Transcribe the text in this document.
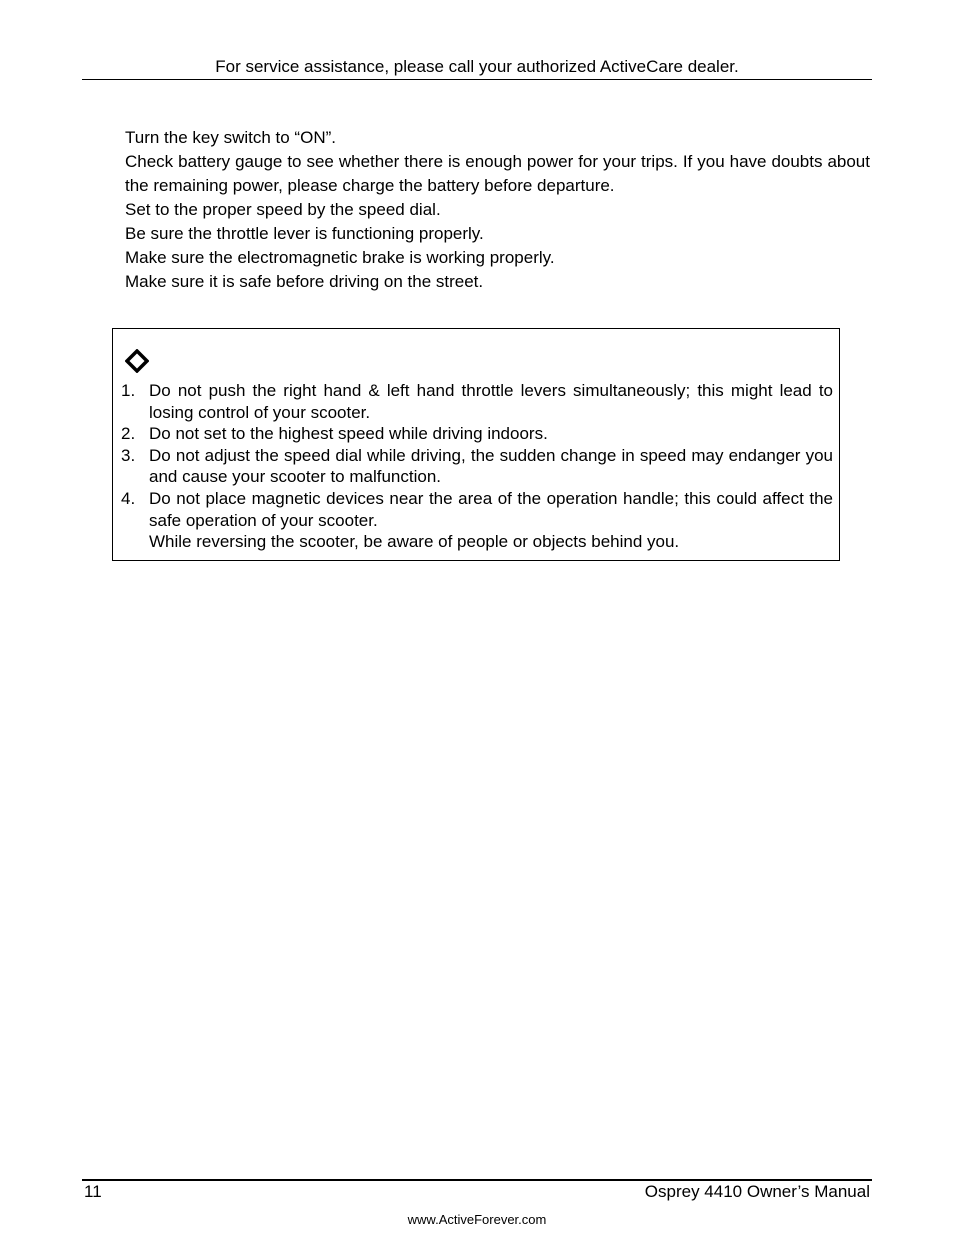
For service assistance, please call your authorized ActiveCare dealer.
Turn the key switch to “ON”.
Check battery gauge to see whether there is enough power for your trips. If you have doubts about the remaining power, please charge the battery before departure.
Set to the proper speed by the speed dial.
Be sure the throttle lever is functioning properly.
Make sure the electromagnetic brake is working properly.
Make sure it is safe before driving on the street.
1. Do not push the right hand & left hand throttle levers simultaneously; this might lead to losing control of your scooter.
2. Do not set to the highest speed while driving indoors.
3. Do not adjust the speed dial while driving, the sudden change in speed may endanger you and cause your scooter to malfunction.
4. Do not place magnetic devices near the area of the operation handle; this could affect the safe operation of your scooter.
While reversing the scooter, be aware of people or objects behind you.
11	Osprey 4410 Owner’s Manual
www.ActiveForever.com
